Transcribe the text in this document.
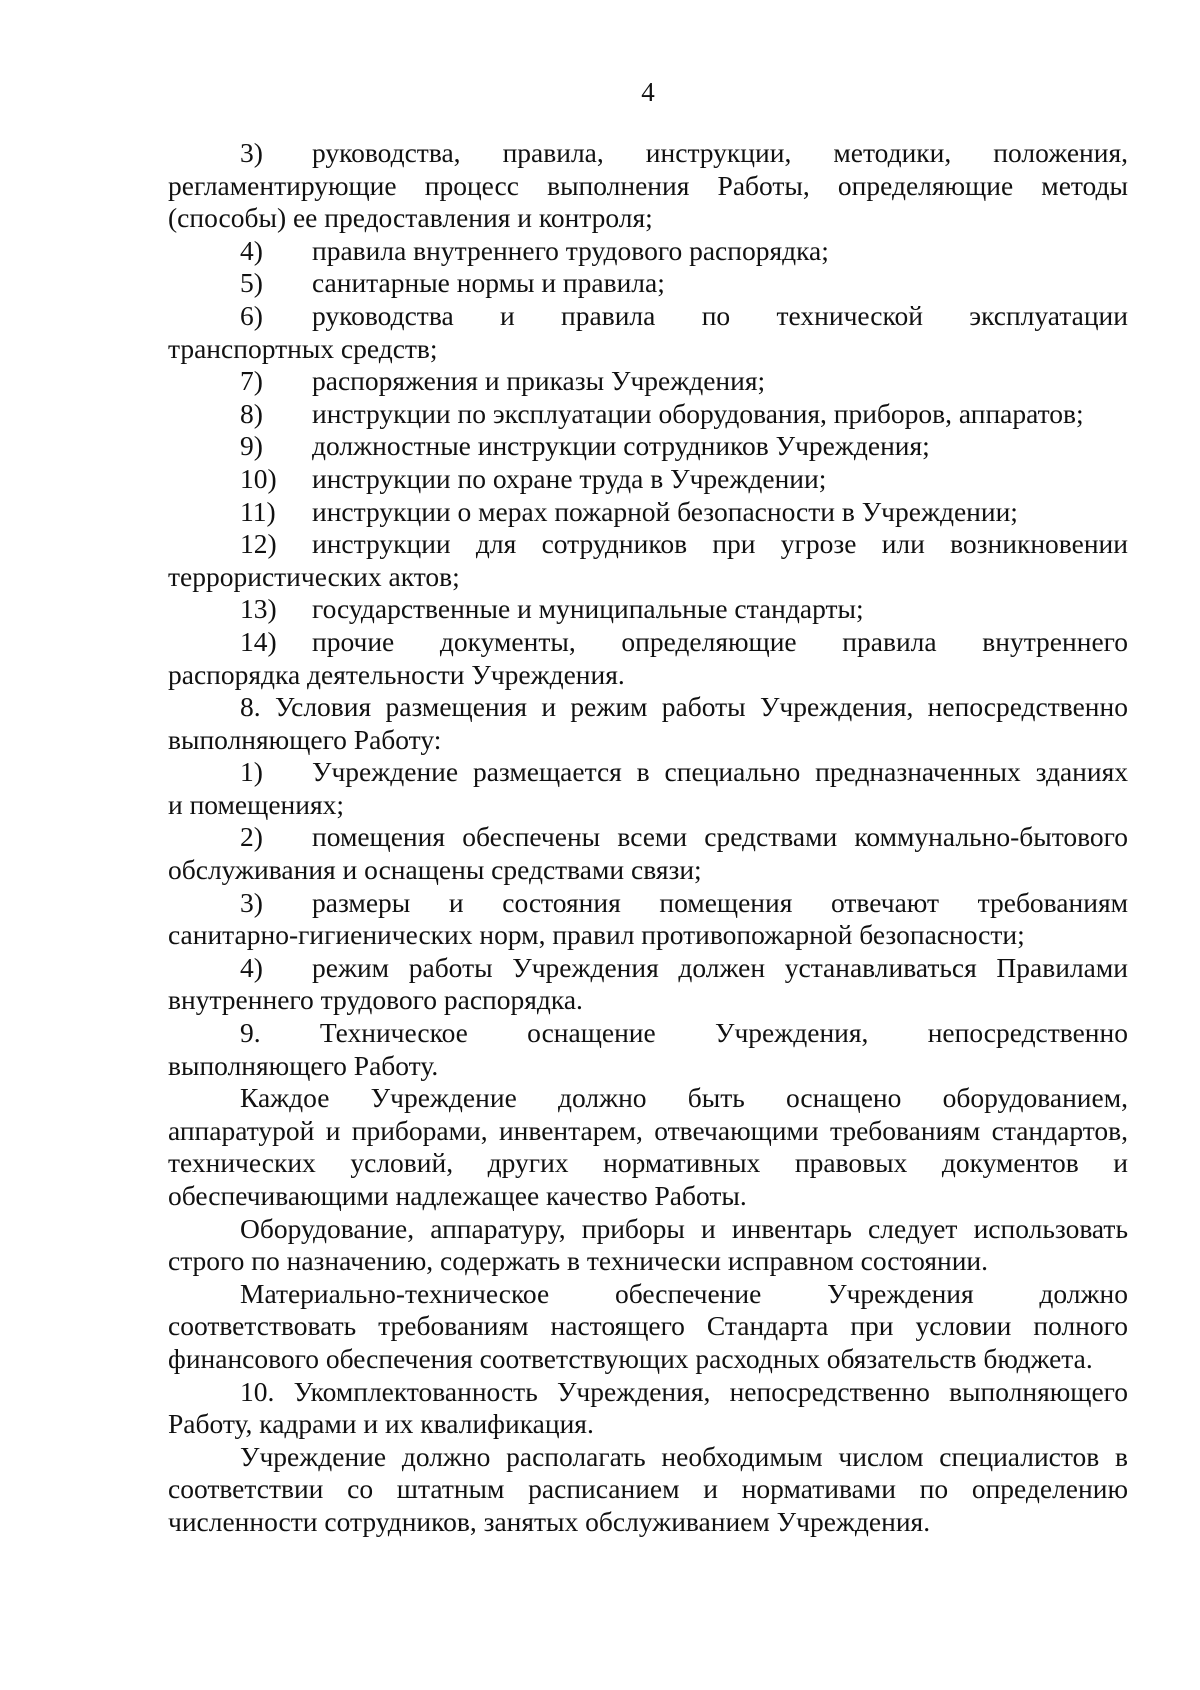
4
3)	руководства, правила, инструкции, методики, положения,
регламентирующие процесс выполнения Работы, определяющие методы (способы) ее предоставления и контроля;
4)	правила внутреннего трудового распорядка;
5)	санитарные нормы и правила;
6)	руководства и правила по технической эксплуатации
транспортных средств;
7)	распоряжения и приказы Учреждения;
8)	инструкции по эксплуатации оборудования, приборов, аппаратов;
9)	должностные инструкции сотрудников Учреждения;
10)	инструкции по охране труда в Учреждении;
11)	инструкции о мерах пожарной безопасности в Учреждении;
12)	инструкции для сотрудников при угрозе или возникновении
террористических актов;
13)	государственные и муниципальные стандарты;
14)	прочие документы, определяющие правила внутреннего
распорядка деятельности Учреждения.
8. Условия размещения и режим работы Учреждения, непосредственно
выполняющего Работу:
1)	Учреждение размещается в специально предназначенных зданиях
и помещениях;
2)	помещения обеспечены всеми средствами коммунально-бытового
обслуживания и оснащены средствами связи;
3)	размеры и состояния помещения отвечают требованиям
санитарно-гигиенических норм, правил противопожарной безопасности;
4)	режим работы Учреждения должен устанавливаться Правилами
внутреннего трудового распорядка.
9. Техническое оснащение Учреждения, непосредственно
выполняющего Работу.
Каждое Учреждение должно быть оснащено оборудованием,
аппаратурой и приборами, инвентарем, отвечающими требованиям стандартов, технических условий, других нормативных правовых документов и обеспечивающими надлежащее качество Работы.
Оборудование, аппаратуру, приборы и инвентарь следует использовать
строго по назначению, содержать в технически исправном состоянии.
Материально-техническое обеспечение Учреждения должно
соответствовать требованиям настоящего Стандарта при условии полного финансового обеспечения соответствующих расходных обязательств бюджета.
10. Укомплектованность Учреждения, непосредственно выполняющего
Работу, кадрами и их квалификация.
Учреждение должно располагать необходимым числом специалистов в
соответствии со штатным расписанием и нормативами по определению численности сотрудников, занятых обслуживанием Учреждения.
